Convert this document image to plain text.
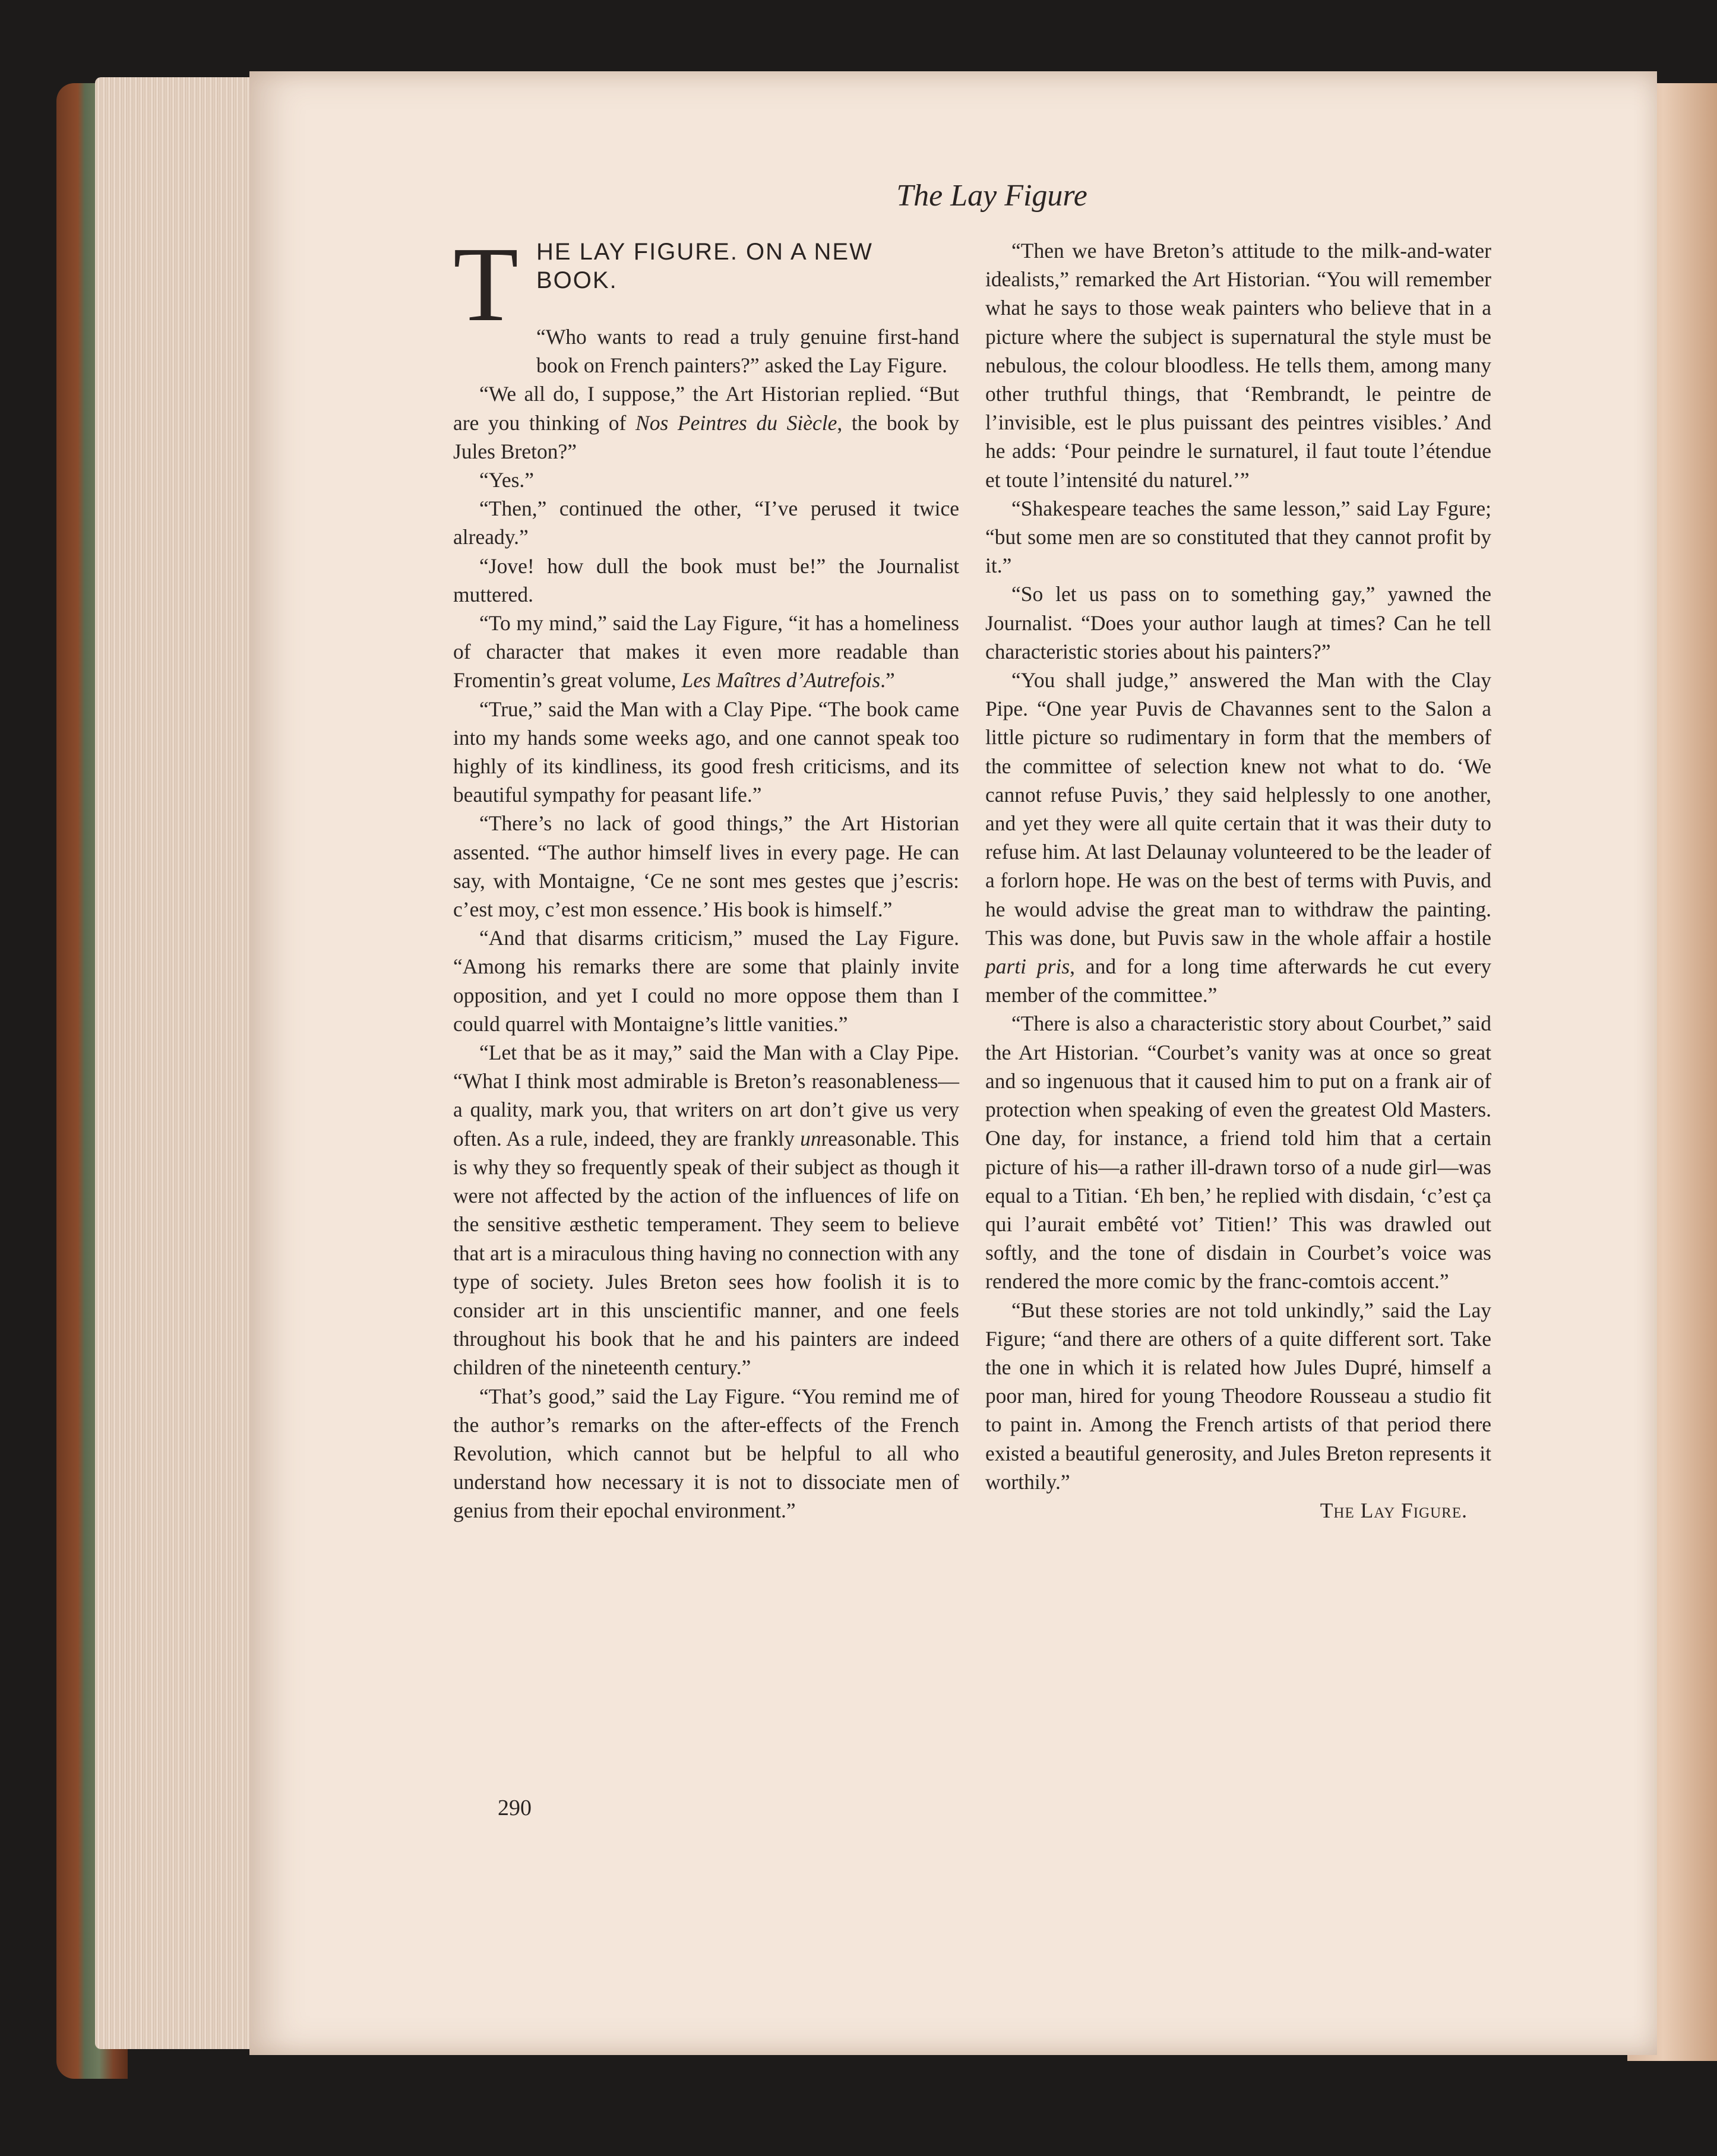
The Lay Figure
T HE LAY FIGURE. ON A NEW BOOK.

“Who wants to read a truly genuine first-hand book on French painters?” asked the Lay Figure.

“We all do, I suppose,” the Art Historian replied. “But are you thinking of Nos Peintres du Siècle, the book by Jules Breton?”

“Yes.”

“Then,” continued the other, “I’ve perused it twice already.”

“Jove! how dull the book must be!” the Journalist muttered.

“To my mind,” said the Lay Figure, “it has a homeliness of character that makes it even more readable than Fromentin’s great volume, Les Maîtres d’Autrefois.”

“True,” said the Man with a Clay Pipe. “The book came into my hands some weeks ago, and one cannot speak too highly of its kindliness, its good fresh criticisms, and its beautiful sympathy for peasant life.”

“There’s no lack of good things,” the Art Historian assented. “The author himself lives in every page. He can say, with Montaigne, ‘Ce ne sont mes gestes que j’escris: c’est moy, c’est mon essence.’ His book is himself.”

“And that disarms criticism,” mused the Lay Figure. “Among his remarks there are some that plainly invite opposition, and yet I could no more oppose them than I could quarrel with Montaigne’s little vanities.”

“Let that be as it may,” said the Man with a Clay Pipe. “What I think most admirable is Breton’s reasonableness—a quality, mark you, that writers on art don’t give us very often. As a rule, indeed, they are frankly unreasonable. This is why they so frequently speak of their subject as though it were not affected by the action of the influences of life on the sensitive æsthetic temperament. They seem to believe that art is a miraculous thing having no connection with any type of society. Jules Breton sees how foolish it is to consider art in this unscientific manner, and one feels throughout his book that he and his painters are indeed children of the nineteenth century.”

“That’s good,” said the Lay Figure. “You remind me of the author’s remarks on the after-effects of the French Revolution, which cannot but be helpful to all who understand how necessary it is not to dissociate men of genius from their epochal environment.”

“Then we have Breton’s attitude to the milk-and-water idealists,” remarked the Art Historian. “You will remember what he says to those weak painters who believe that in a picture where the subject is supernatural the style must be nebulous, the colour bloodless. He tells them, among many other truthful things, that ‘Rembrandt, le peintre de l’invisible, est le plus puissant des peintres visibles.’ And he adds: ‘Pour peindre le surnaturel, il faut toute l’étendue et toute l’intensité du naturel.’”

“Shakespeare teaches the same lesson,” said Lay Fgure; “but some men are so constituted that they cannot profit by it.”

“So let us pass on to something gay,” yawned the Journalist. “Does your author laugh at times? Can he tell characteristic stories about his painters?”

“You shall judge,” answered the Man with the Clay Pipe. “One year Puvis de Chavannes sent to the Salon a little picture so rudimentary in form that the members of the committee of selection knew not what to do. ‘We cannot refuse Puvis,’ they said helplessly to one another, and yet they were all quite certain that it was their duty to refuse him. At last Delaunay volunteered to be the leader of a forlorn hope. He was on the best of terms with Puvis, and he would advise the great man to withdraw the painting. This was done, but Puvis saw in the whole affair a hostile parti pris, and for a long time afterwards he cut every member of the committee.”

“There is also a characteristic story about Courbet,” said the Art Historian. “Courbet’s vanity was at once so great and so ingenuous that it caused him to put on a frank air of protection when speaking of even the greatest Old Masters. One day, for instance, a friend told him that a certain picture of his—a rather ill-drawn torso of a nude girl—was equal to a Titian. ‘Eh ben,’ he replied with disdain, ‘c’est ça qui l’aurait embêté vot’ Titien!’ This was drawled out softly, and the tone of disdain in Courbet’s voice was rendered the more comic by the franc-comtois accent.”

“But these stories are not told unkindly,” said the Lay Figure; “and there are others of a quite different sort. Take the one in which it is related how Jules Dupré, himself a poor man, hired for young Theodore Rousseau a studio fit to paint in. Among the French artists of that period there existed a beautiful generosity, and Jules Breton represents it worthily.”

The Lay Figure.

290
